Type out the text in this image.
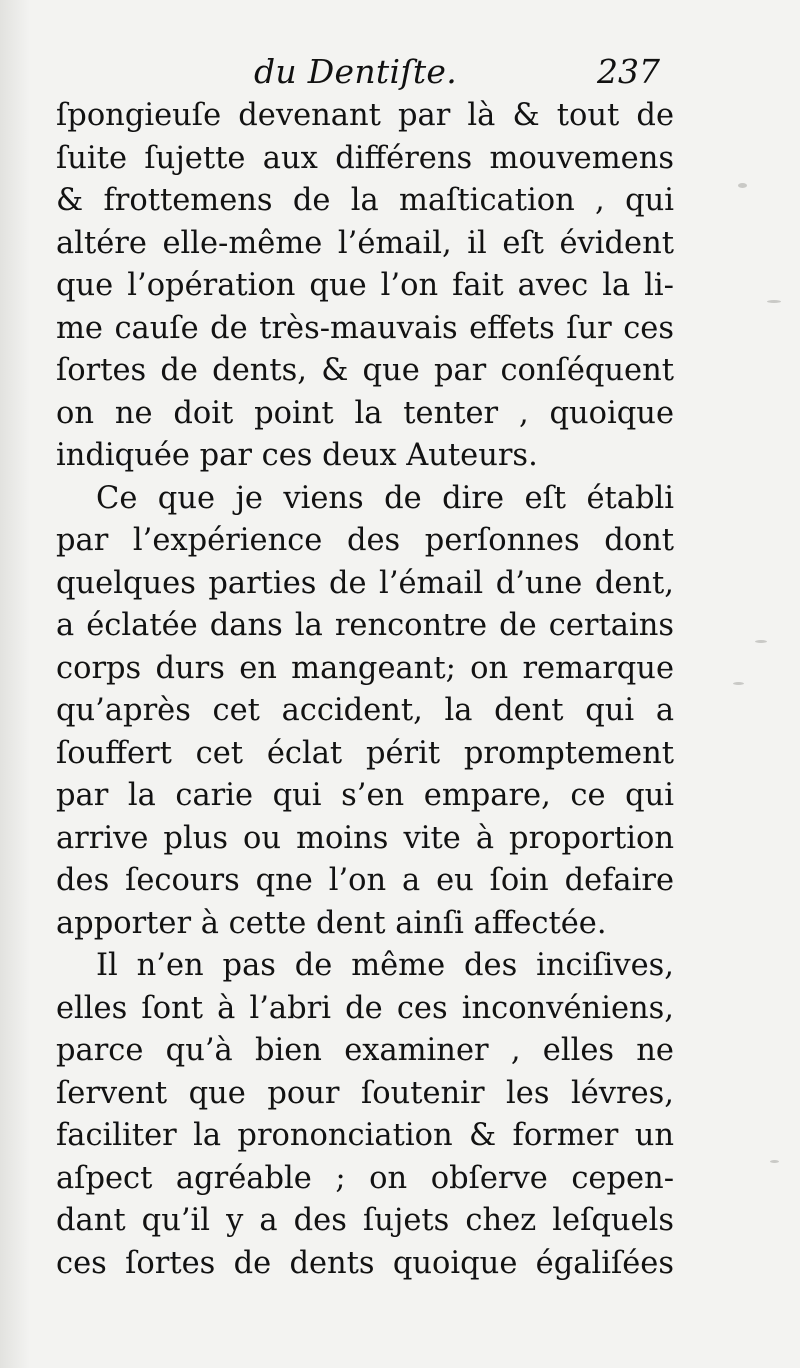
du Dentiſte.	237
ſpongieuſe devenant par là & tout de
ſuite ſujette aux différens mouvemens
& frottemens de la maſtication , qui
altére elle-même l’émail, il eſt évident
que l’opération que l’on fait avec la li-
me cauſe de très-mauvais effets ſur ces
ſortes de dents, & que par conſéquent
on ne doit point la tenter , quoique
indiquée par ces deux Auteurs.
Ce que je viens de dire eſt établi
par l’expérience des perſonnes dont
quelques parties de l’émail d’une dent,
a éclatée dans la rencontre de certains
corps durs en mangeant; on remarque
qu’après cet accident, la dent qui a
ſouffert cet éclat périt promptement
par la carie qui s’en empare, ce qui
arrive plus ou moins vite à proportion
des ſecours qne l’on a eu ſoin defaire
apporter à cette dent ainſi affectée.
Il n’en pas de même des inciſives,
elles ſont à l’abri de ces inconvéniens,
parce qu’à bien examiner , elles ne
ſervent que pour ſoutenir les lévres,
faciliter la prononciation & former un
aſpect agréable ; on obſerve cepen-
dant qu’il y a des ſujets chez leſquels
ces ſortes de dents quoique égaliſées
